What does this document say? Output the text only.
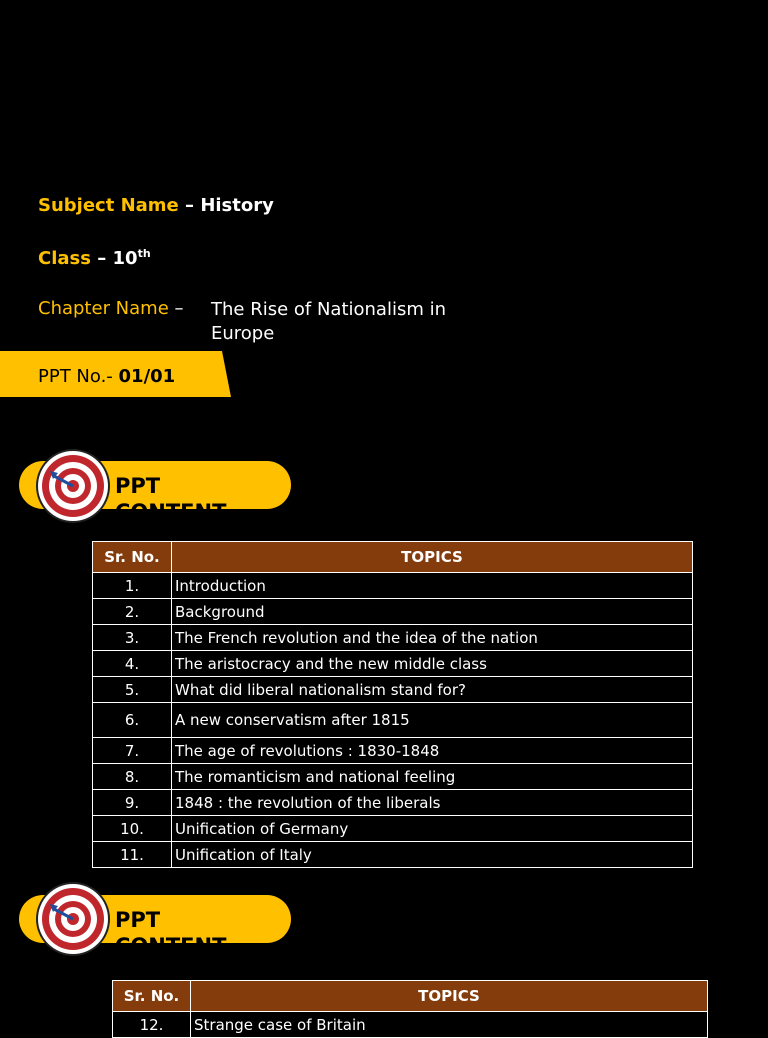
Subject Name – History
Class – 10th
Chapter Name – The Rise of Nationalism in Europe
PPT No.- 01/01
PPT CONTENT
Sr. No.	TOPICS
1.	Introduction
2.	Background
3.	The French revolution and the idea of the nation
4.	The aristocracy and the new middle class
5.	What did liberal nationalism stand for?
6.	A new conservatism after 1815
7.	The age of revolutions : 1830-1848
8.	The romanticism and national feeling
9.	1848 : the revolution of the liberals
10.	Unification of Germany
11.	Unification of Italy
PPT CONTENT
Sr. No.	TOPICS
12.	Strange case of Britain
